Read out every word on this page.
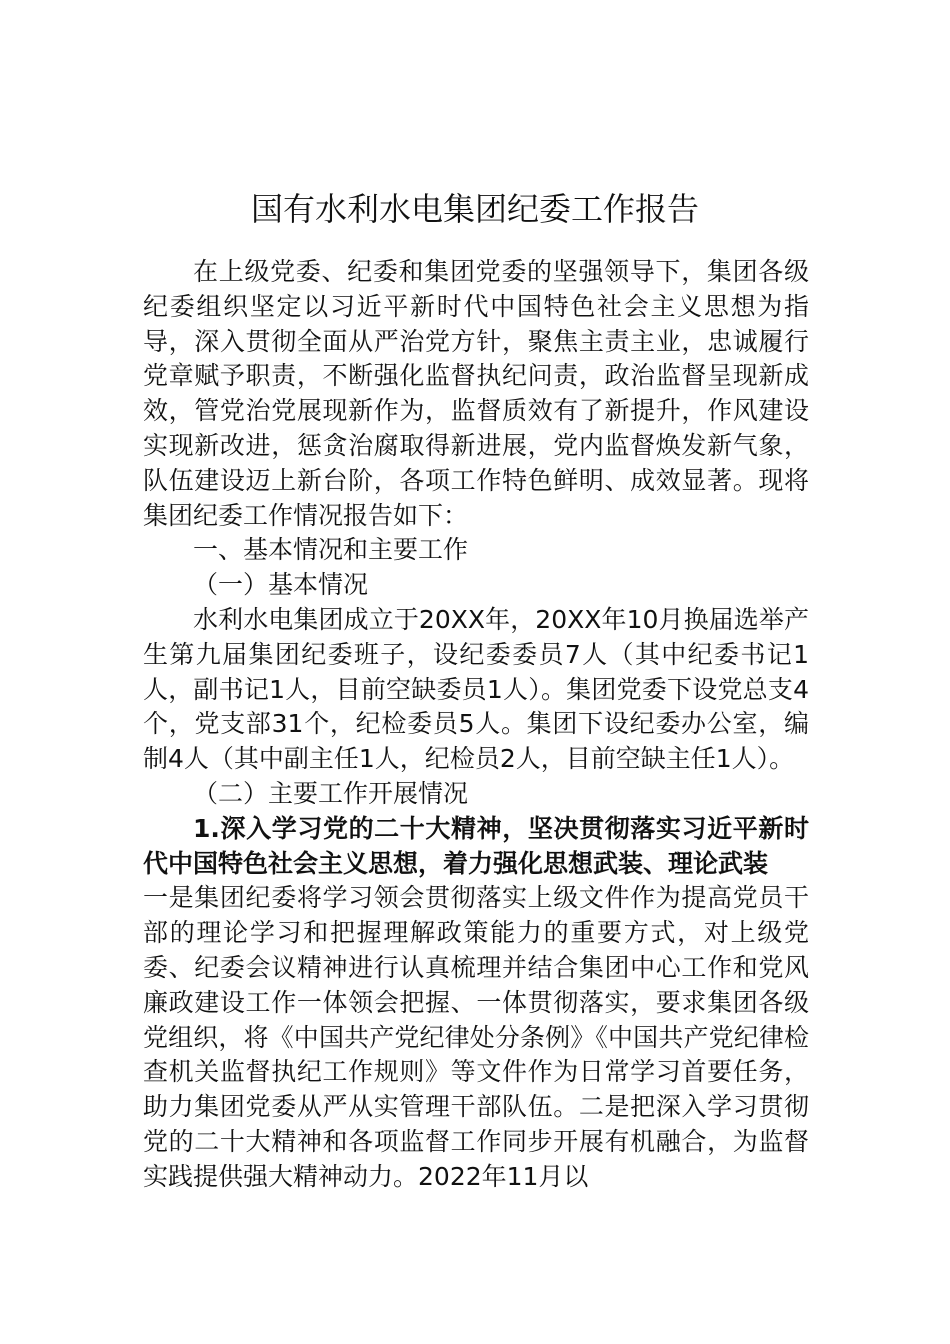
国有水利水电集团纪委工作报告

在上级党委、纪委和集团党委的坚强领导下，集团各级纪委组织坚定以习近平新时代中国特色社会主义思想为指导，深入贯彻全面从严治党方针，聚焦主责主业，忠诚履行党章赋予职责，不断强化监督执纪问责，政治监督呈现新成效，管党治党展现新作为，监督质效有了新提升，作风建设实现新改进，惩贪治腐取得新进展，党内监督焕发新气象，队伍建设迈上新台阶，各项工作特色鲜明、成效显著。现将集团纪委工作情况报告如下：

一、基本情况和主要工作

（一）基本情况

水利水电集团成立于20XX年，20XX年10月换届选举产生第九届集团纪委班子，设纪委委员7人（其中纪委书记1人，副书记1人，目前空缺委员1人）。集团党委下设党总支4个，党支部31个，纪检委员5人。集团下设纪委办公室，编制4人（其中副主任1人，纪检员2人，目前空缺主任1人）。

（二）主要工作开展情况

1.深入学习党的二十大精神，坚决贯彻落实习近平新时代中国特色社会主义思想，着力强化思想武装、理论武装

一是集团纪委将学习领会贯彻落实上级文件作为提高党员干部的理论学习和把握理解政策能力的重要方式，对上级党委、纪委会议精神进行认真梳理并结合集团中心工作和党风廉政建设工作一体领会把握、一体贯彻落实，要求集团各级党组织，将《中国共产党纪律处分条例》《中国共产党纪律检查机关监督执纪工作规则》等文件作为日常学习首要任务，助力集团党委从严从实管理干部队伍。二是把深入学习贯彻党的二十大精神和各项监督工作同步开展有机融合，为监督实践提供强大精神动力。2022年11月以
